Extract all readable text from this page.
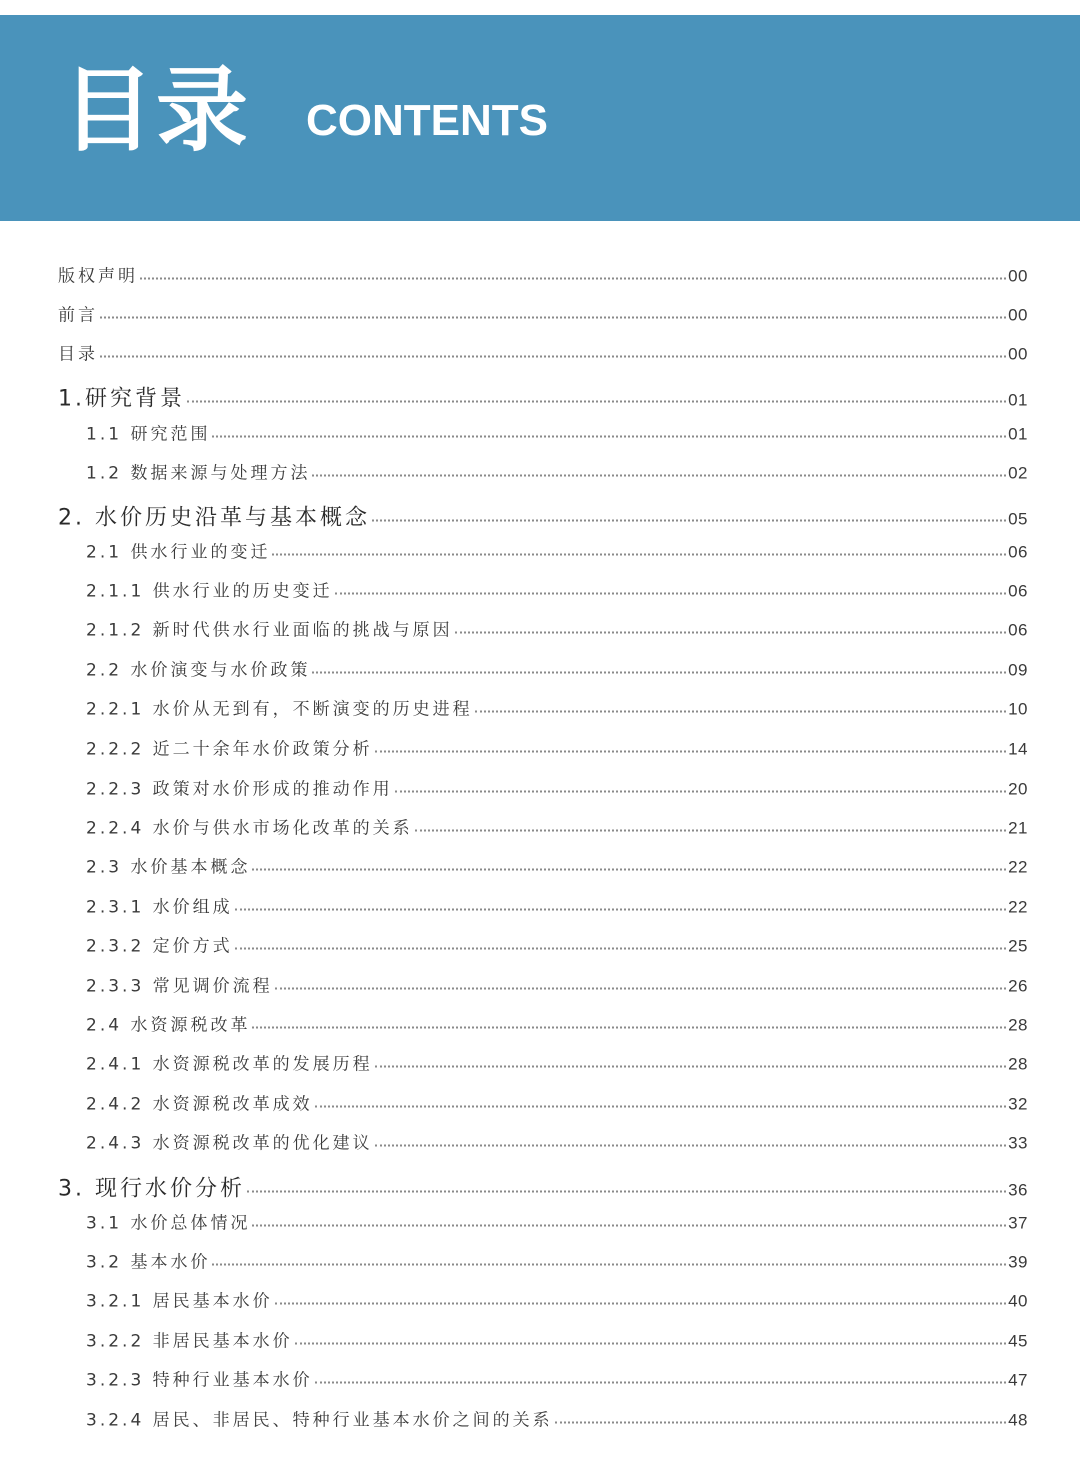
目录 CONTENTS
版权声明	00
前言	00
目录	00
1.研究背景	01
1.1 研究范围	01
1.2 数据来源与处理方法	02
2. 水价历史沿革与基本概念	05
2.1 供水行业的变迁	06
2.1.1 供水行业的历史变迁	06
2.1.2 新时代供水行业面临的挑战与原因	06
2.2 水价演变与水价政策	09
2.2.1 水价从无到有，不断演变的历史进程	10
2.2.2 近二十余年水价政策分析	14
2.2.3 政策对水价形成的推动作用	20
2.2.4 水价与供水市场化改革的关系	21
2.3 水价基本概念	22
2.3.1 水价组成	22
2.3.2 定价方式	25
2.3.3 常见调价流程	26
2.4 水资源税改革	28
2.4.1 水资源税改革的发展历程	28
2.4.2 水资源税改革成效	32
2.4.3 水资源税改革的优化建议	33
3. 现行水价分析	36
3.1 水价总体情况	37
3.2 基本水价	39
3.2.1 居民基本水价	40
3.2.2 非居民基本水价	45
3.2.3 特种行业基本水价	47
3.2.4 居民、非居民、特种行业基本水价之间的关系	48
